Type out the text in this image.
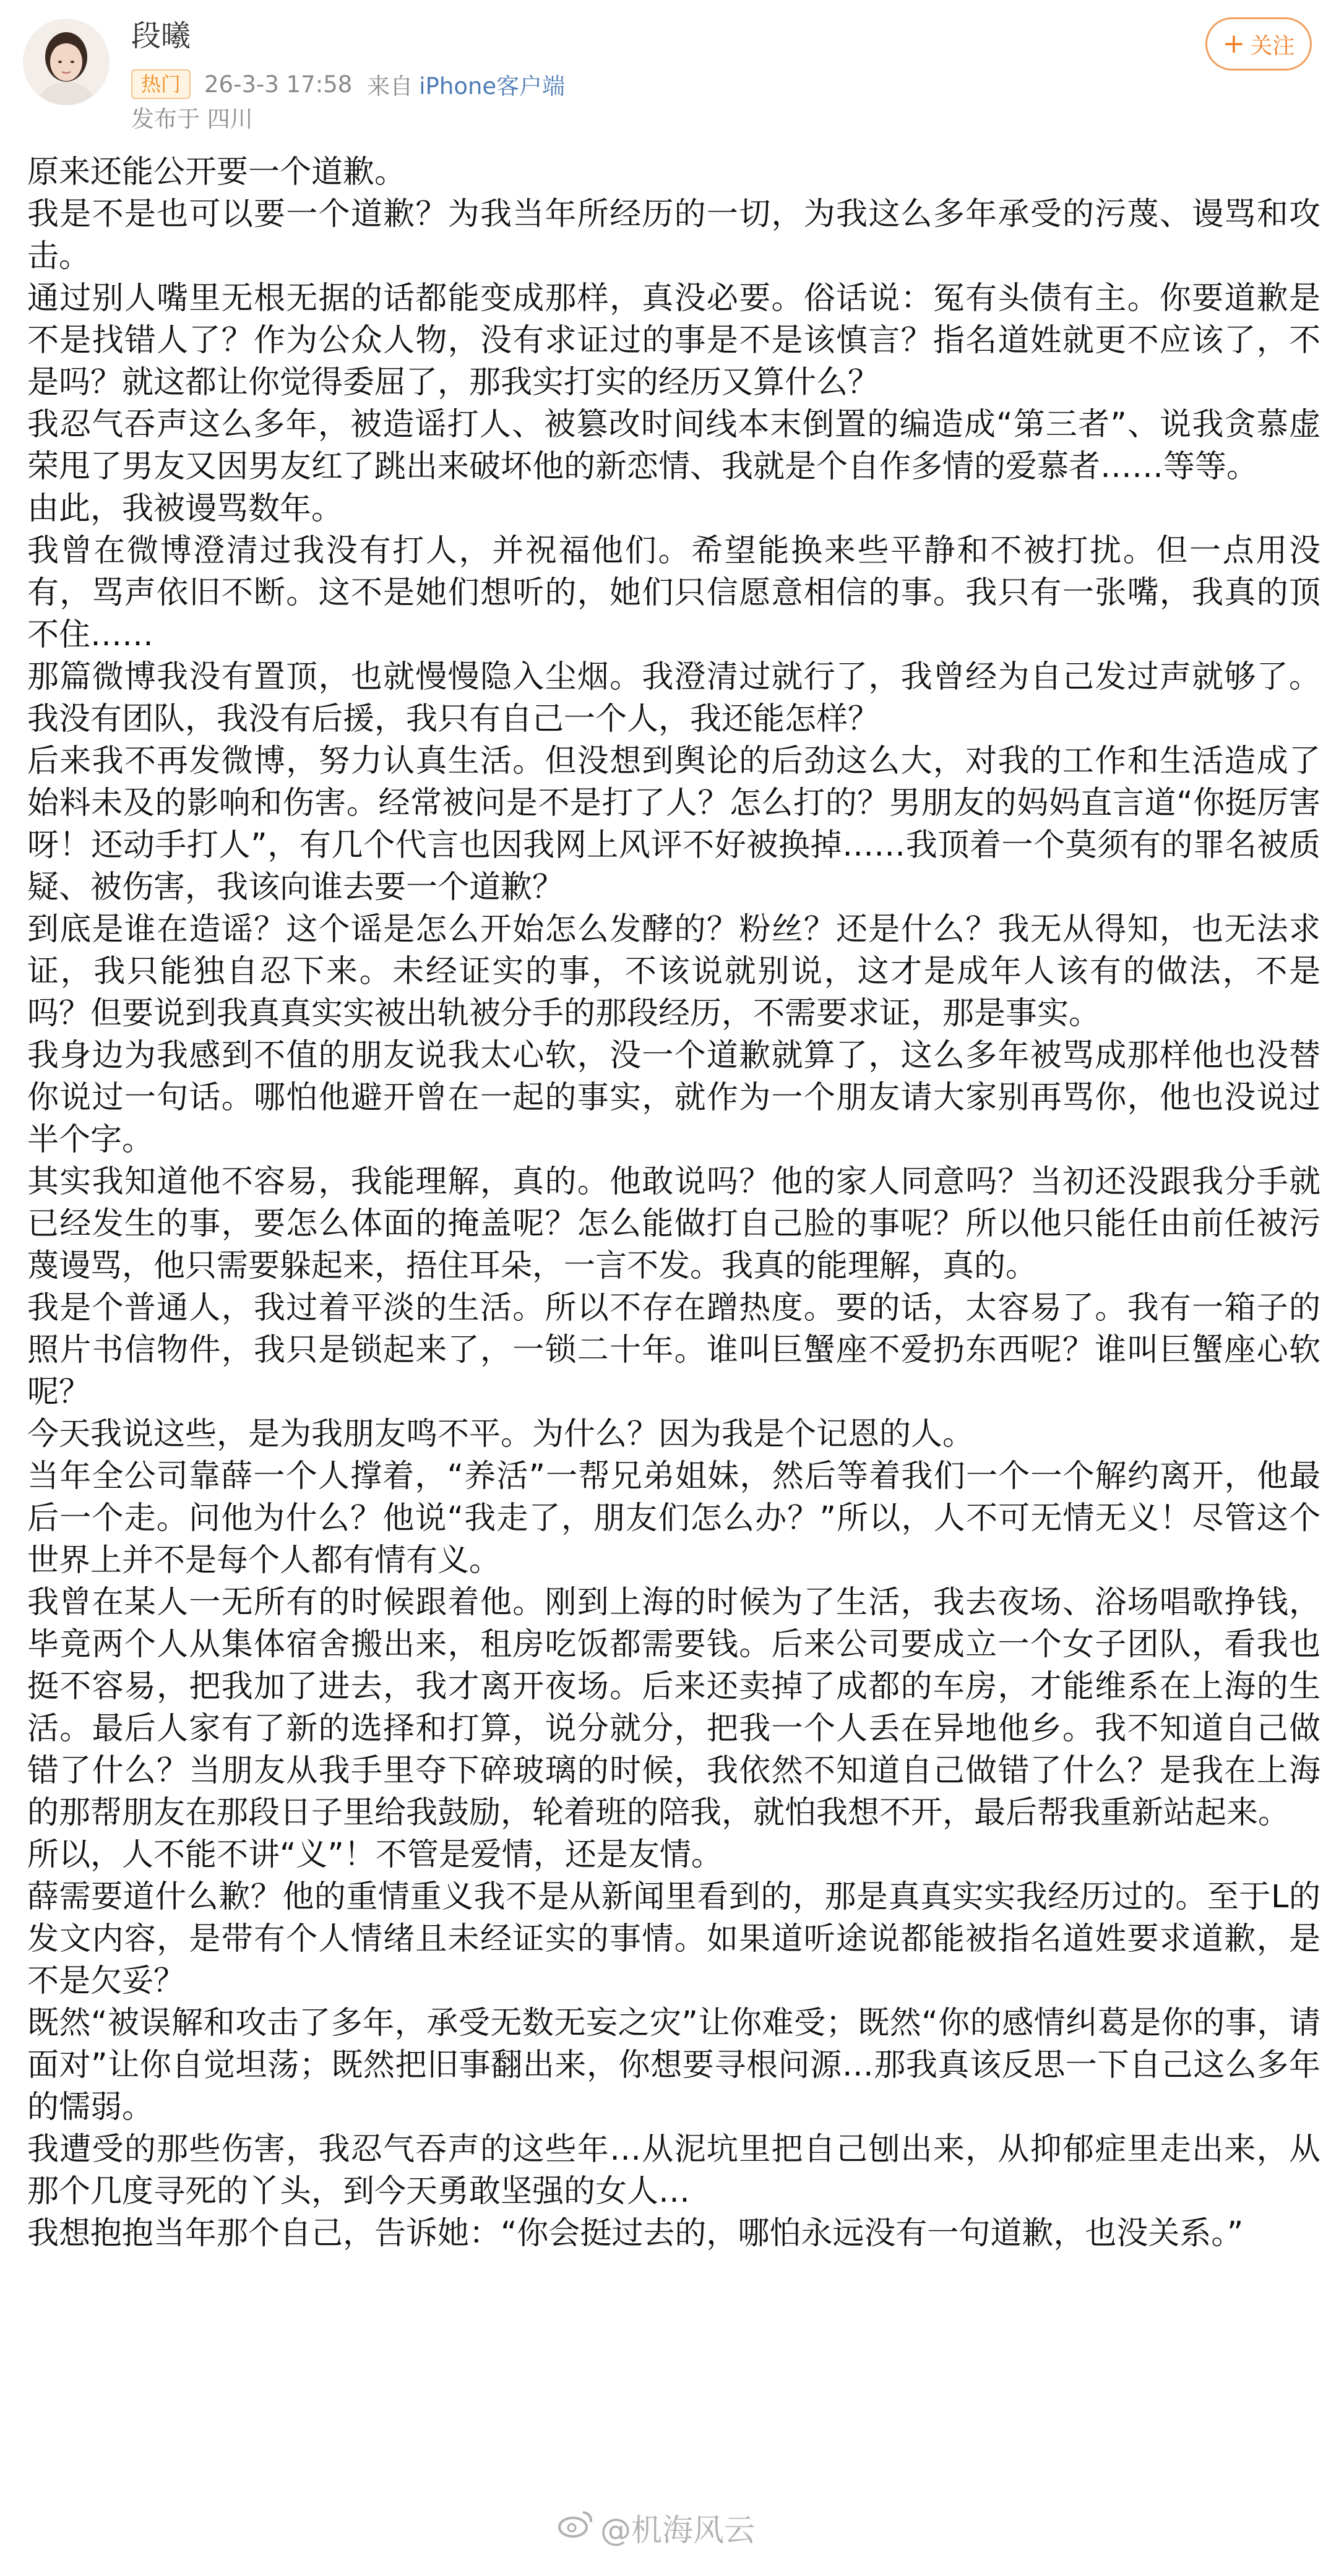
段曦
热门	26-3-3 17:58 来自 iPhone客户端
发布于 四川
+ 关注

原来还能公开要一个道歉。

我是不是也可以要一个道歉？为我当年所经历的一切，为我这么多年承受的污蔑、谩骂和攻击。

通过别人嘴里无根无据的话都能变成那样，真没必要。俗话说：冤有头债有主。你要道歉是不是找错人了？作为公众人物，没有求证过的事是不是该慎言？指名道姓就更不应该了，不是吗？就这都让你觉得委屈了，那我实打实的经历又算什么？

我忍气吞声这么多年，被造谣打人、被篡改时间线本末倒置的编造成“第三者”、说我贪慕虚荣甩了男友又因男友红了跳出来破坏他的新恋情、我就是个自作多情的爱慕者……等等。

由此，我被谩骂数年。

我曾在微博澄清过我没有打人，并祝福他们。希望能换来些平静和不被打扰。但一点用没有，骂声依旧不断。这不是她们想听的，她们只信愿意相信的事。我只有一张嘴，我真的顶不住……

那篇微博我没有置顶，也就慢慢隐入尘烟。我澄清过就行了，我曾经为自己发过声就够了。我没有团队，我没有后援，我只有自己一个人，我还能怎样？

后来我不再发微博，努力认真生活。但没想到舆论的后劲这么大，对我的工作和生活造成了始料未及的影响和伤害。经常被问是不是打了人？怎么打的？男朋友的妈妈直言道“你挺厉害呀！还动手打人”，有几个代言也因我网上风评不好被换掉……我顶着一个莫须有的罪名被质疑、被伤害，我该向谁去要一个道歉？

到底是谁在造谣？这个谣是怎么开始怎么发酵的？粉丝？还是什么？我无从得知，也无法求证，我只能独自忍下来。未经证实的事，不该说就别说，这才是成年人该有的做法，不是吗？但要说到我真真实实被出轨被分手的那段经历，不需要求证，那是事实。

我身边为我感到不值的朋友说我太心软，没一个道歉就算了，这么多年被骂成那样他也没替你说过一句话。哪怕他避开曾在一起的事实，就作为一个朋友请大家别再骂你，他也没说过半个字。

其实我知道他不容易，我能理解，真的。他敢说吗？他的家人同意吗？当初还没跟我分手就已经发生的事，要怎么体面的掩盖呢？怎么能做打自己脸的事呢？所以他只能任由前任被污蔑谩骂，他只需要躲起来，捂住耳朵，一言不发。我真的能理解，真的。

我是个普通人，我过着平淡的生活。所以不存在蹭热度。要的话，太容易了。我有一箱子的照片书信物件，我只是锁起来了，一锁二十年。谁叫巨蟹座不爱扔东西呢？谁叫巨蟹座心软呢？

今天我说这些，是为我朋友鸣不平。为什么？因为我是个记恩的人。

当年全公司靠薛一个人撑着，“养活”一帮兄弟姐妹，然后等着我们一个一个解约离开，他最后一个走。问他为什么？他说“我走了，朋友们怎么办？”所以，人不可无情无义！尽管这个世界上并不是每个人都有情有义。

我曾在某人一无所有的时候跟着他。刚到上海的时候为了生活，我去夜场、浴场唱歌挣钱，毕竟两个人从集体宿舍搬出来，租房吃饭都需要钱。后来公司要成立一个女子团队，看我也挺不容易，把我加了进去，我才离开夜场。后来还卖掉了成都的车房，才能维系在上海的生活。最后人家有了新的选择和打算，说分就分，把我一个人丢在异地他乡。我不知道自己做错了什么？当朋友从我手里夺下碎玻璃的时候，我依然不知道自己做错了什么？是我在上海的那帮朋友在那段日子里给我鼓励，轮着班的陪我，就怕我想不开，最后帮我重新站起来。

所以，人不能不讲“义”！不管是爱情，还是友情。

薛需要道什么歉？他的重情重义我不是从新闻里看到的，那是真真实实我经历过的。至于L的发文内容，是带有个人情绪且未经证实的事情。如果道听途说都能被指名道姓要求道歉，是不是欠妥？

既然“被误解和攻击了多年，承受无数无妄之灾”让你难受；既然“你的感情纠葛是你的事，请面对”让你自觉坦荡；既然把旧事翻出来，你想要寻根问源…那我真该反思一下自己这么多年的懦弱。

我遭受的那些伤害，我忍气吞声的这些年…从泥坑里把自己刨出来，从抑郁症里走出来，从那个几度寻死的丫头，到今天勇敢坚强的女人…

我想抱抱当年那个自己，告诉她：“你会挺过去的，哪怕永远没有一句道歉，也没关系。”

@机海风云
